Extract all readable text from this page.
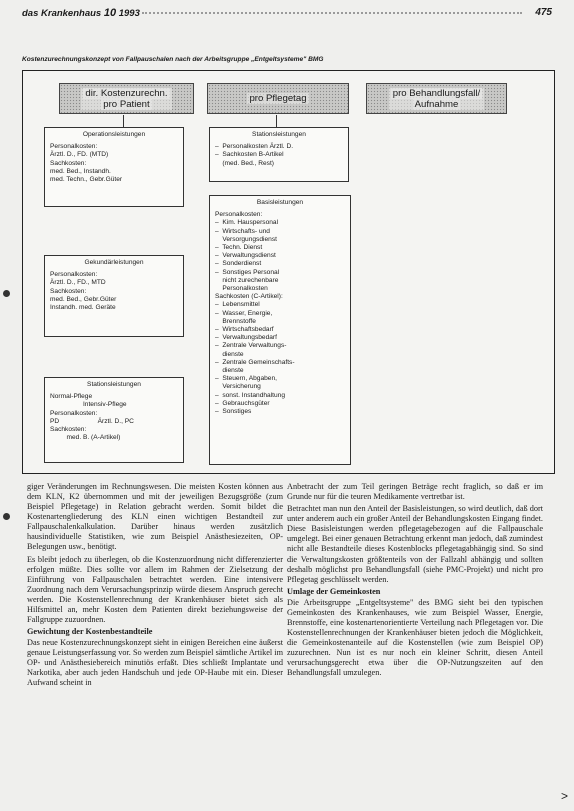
das Krankenhaus 10 1993	475
Kostenzurechnungskonzept von Fallpauschalen nach der Arbeitsgruppe „Entgeltsysteme" BMG
dir. Kostenzurechn.
pro Patient	pro Pflegetag	pro Behandlungsfall/
Aufnahme
Operationsleistungen
Personalkosten:
Ärztl. D., FD. (MTD)
Sachkosten:
med. Bed., Instandh.
med. Techn., Gebr.Güter
Stationsleistungen
–  Personalkosten Ärztl. D.
–  Sachkosten B-Artikel
(med. Bed., Rest)
Basisleistungen
Personalkosten:
–  Kim. Hauspersonal
–  Wirtschafts- und
Versorgungsdienst
–  Techn. Dienst
–  Verwaltungsdienst
–  Sonderdienst
–  Sonstiges Personal
nicht zurechenbare
Personalkosten
Sachkosten (C-Artikel):
–  Lebensmittel
–  Wasser, Energie,
Brennstoffe
–  Wirtschaftsbedarf
–  Verwaltungsbedarf
–  Zentrale Verwaltungs-
dienste
–  Zentrale Gemeinschafts-
dienste
–  Steuern, Abgaben,
Versicherung
–  sonst. Instandhaltung
–  Gebrauchsgüter
–  Sonstiges
Gekundärleistungen
Personalkosten:
Ärztl. D., FD., MTD
Sachkosten:
med. Bed., Gebr.Güter
Instandh. med. Geräte
Stationsleistungen
Normal-Pflege
Intensiv-Pflege
Personalkosten:
PD                     Ärztl. D., PC
Sachkosten:
med. B. (A-Artikel)

giger Veränderungen im Rechnungswesen. Die meisten Kosten können aus dem KLN, K2 übernommen und mit der jeweiligen Bezugsgröße (zum Beispiel Pflegetage) in Relation gebracht werden. Somit bildet die Kostenartengliederung des KLN einen wichtigen Bestandteil zur Fallpauschalenkalkulation. Darüber hinaus werden zusätzlich hausindividuelle Statistiken, wie zum Beispiel Anästhesiezeiten, OP-Belegungen usw., benötigt.

Es bleibt jedoch zu überlegen, ob die Kostenzuordnung nicht differenzierter erfolgen müßte. Dies sollte vor allem im Rahmen der Zielsetzung der Einführung von Fallpauschalen betrachtet werden. Eine intensivere Zuordnung nach dem Verursachungsprinzip würde diesem Anspruch gerecht werden. Die Kostenstellenrechnung der Krankenhäuser bietet sich als Hilfsmittel an, mehr Kosten dem Patienten direkt beziehungsweise der Fallgruppe zuzuordnen.

Gewichtung der Kostenbestandteile

Das neue Kostenzurechnungskonzept sieht in einigen Bereichen eine äußerst genaue Leistungserfassung vor. So werden zum Beispiel sämtliche Artikel im OP- und Anästhesiebereich minutiös erfaßt. Dies schließt Implantate und Narkotika, aber auch jeden Handschuh und jede OP-Haube mit ein. Dieser Aufwand scheint in

Anbetracht der zum Teil geringen Beträge recht fraglich, so daß er im Grunde nur für die teuren Medikamente vertretbar ist.

Betrachtet man nun den Anteil der Basisleistungen, so wird deutlich, daß dort unter anderem auch ein großer Anteil der Behandlungskosten Eingang findet. Diese Basisleistungen werden pflegetagebezogen auf die Fallpauschale umgelegt. Bei einer genauen Betrachtung erkennt man jedoch, daß zumindest nicht alle Bestandteile dieses Kostenblocks pflegetagabhängig sind. So sind die Verwaltungskosten größtenteils von der Fallzahl abhängig und sollten deshalb möglichst pro Behandlungsfall (siehe PMC-Projekt) und nicht pro Pflegetag geschlüsselt werden.

Umlage der Gemeinkosten

Die Arbeitsgruppe „Entgeltsysteme" des BMG sieht bei den typischen Gemeinkosten des Krankenhauses, wie zum Beispiel Wasser, Energie, Brennstoffe, eine kostenartenorientierte Verteilung nach Pflegetagen vor. Die Kostenstellenrechnungen der Krankenhäuser bieten jedoch die Möglichkeit, die Gemeinkostenanteile auf die Kostenstellen (wie zum Beispiel OP) zuzurechnen. Nun ist es nur noch ein kleiner Schritt, diesen Anteil verursachungsgerecht etwa über die OP-Nutzungszeiten auf den Behandlungsfall umzulegen.

>
